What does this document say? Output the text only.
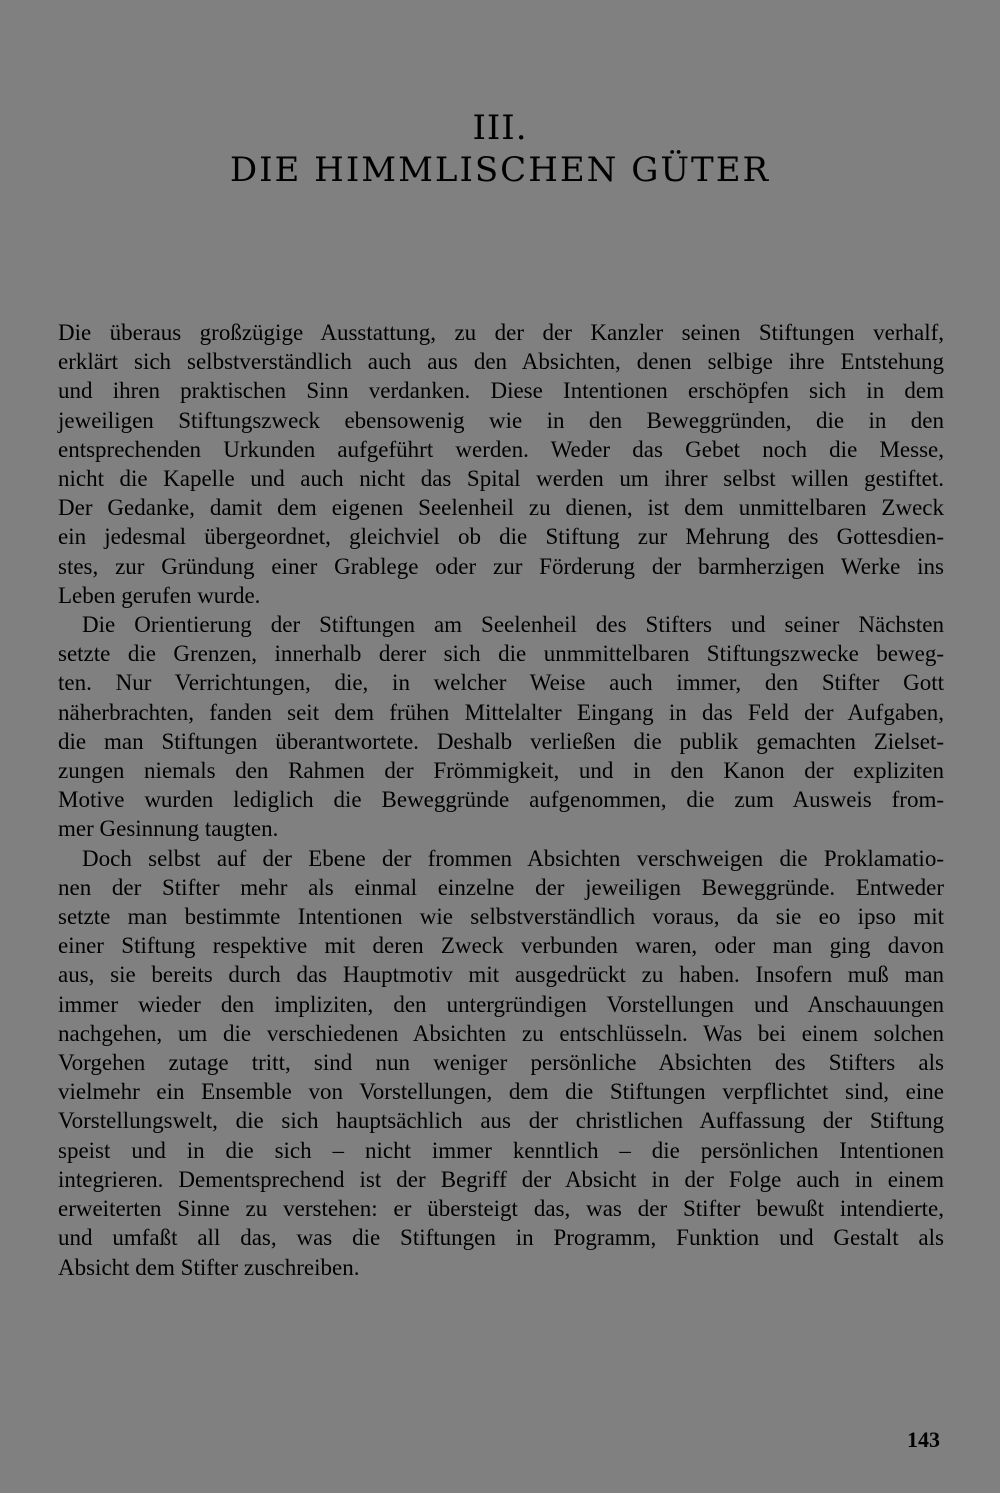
III.
DIE HIMMLISCHEN GÜTER

Die überaus großzügige Ausstattung, zu der der Kanzler seinen Stiftungen verhalf,
erklärt sich selbstverständlich auch aus den Absichten, denen selbige ihre Entstehung
und ihren praktischen Sinn verdanken. Diese Intentionen erschöpfen sich in dem
jeweiligen Stiftungszweck ebensowenig wie in den Beweggründen, die in den
entsprechenden Urkunden aufgeführt werden. Weder das Gebet noch die Messe,
nicht die Kapelle und auch nicht das Spital werden um ihrer selbst willen gestiftet.
Der Gedanke, damit dem eigenen Seelenheil zu dienen, ist dem unmittelbaren Zweck
ein jedesmal übergeordnet, gleichviel ob die Stiftung zur Mehrung des Gottesdien-
stes, zur Gründung einer Grablege oder zur Förderung der barmherzigen Werke ins
Leben gerufen wurde.

Die Orientierung der Stiftungen am Seelenheil des Stifters und seiner Nächsten
setzte die Grenzen, innerhalb derer sich die unmmittelbaren Stiftungszwecke beweg-
ten. Nur Verrichtungen, die, in welcher Weise auch immer, den Stifter Gott
näherbrachten, fanden seit dem frühen Mittelalter Eingang in das Feld der Aufgaben,
die man Stiftungen überantwortete. Deshalb verließen die publik gemachten Zielset-
zungen niemals den Rahmen der Frömmigkeit, und in den Kanon der expliziten
Motive wurden lediglich die Beweggründe aufgenommen, die zum Ausweis from-
mer Gesinnung taugten.

Doch selbst auf der Ebene der frommen Absichten verschweigen die Proklamatio-
nen der Stifter mehr als einmal einzelne der jeweiligen Beweggründe. Entweder
setzte man bestimmte Intentionen wie selbstverständlich voraus, da sie eo ipso mit
einer Stiftung respektive mit deren Zweck verbunden waren, oder man ging davon
aus, sie bereits durch das Hauptmotiv mit ausgedrückt zu haben. Insofern muß man
immer wieder den impliziten, den untergründigen Vorstellungen und Anschauungen
nachgehen, um die verschiedenen Absichten zu entschlüsseln. Was bei einem solchen
Vorgehen zutage tritt, sind nun weniger persönliche Absichten des Stifters als
vielmehr ein Ensemble von Vorstellungen, dem die Stiftungen verpflichtet sind, eine
Vorstellungswelt, die sich hauptsächlich aus der christlichen Auffassung der Stiftung
speist und in die sich – nicht immer kenntlich – die persönlichen Intentionen
integrieren. Dementsprechend ist der Begriff der Absicht in der Folge auch in einem
erweiterten Sinne zu verstehen: er übersteigt das, was der Stifter bewußt intendierte,
und umfaßt all das, was die Stiftungen in Programm, Funktion und Gestalt als
Absicht dem Stifter zuschreiben.

143
